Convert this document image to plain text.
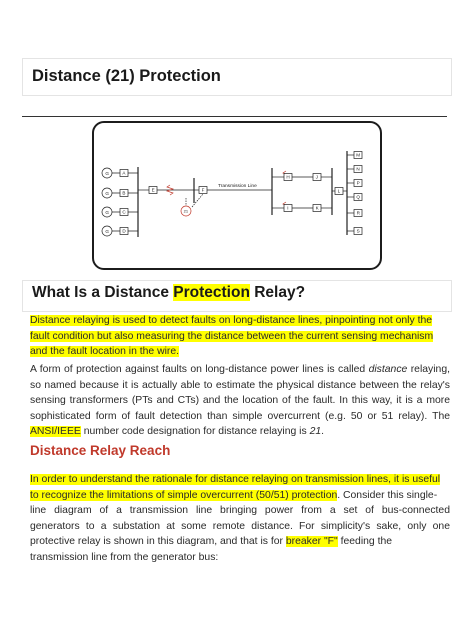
Distance (21) Protection
G
G
G
G
A
B
C
D
E	F
H
I
J
K
L
M
N
P
Q
R
S
21
Transmission Line
What Is a Distance Protection Relay?

Distance relaying is used to detect faults on long-distance lines, pinpointing not only the
fault condition but also measuring the distance between the current sensing mechanism
and the fault location in the wire.

A form of protection against faults on long-distance power lines is called distance relaying,
so named because it is actually able to estimate the physical distance between the relay's
sensing transformers (PTs and CTs) and the location of the fault. In this way, it is a more
sophisticated form of fault detection than simple overcurrent (e.g. 50 or 51 relay). The
ANSI/IEEE number code designation for distance relaying is 21.

Distance Relay Reach

In order to understand the rationale for distance relaying on transmission lines, it is useful
to recognize the limitations of simple overcurrent (50/51) protection. Consider this single-
line diagram of a transmission line bringing power from a set of bus-connected
generators to a substation at some remote distance. For simplicity's sake, only one
protective relay is shown in this diagram, and that is for breaker "F" feeding the
transmission line from the generator bus:
